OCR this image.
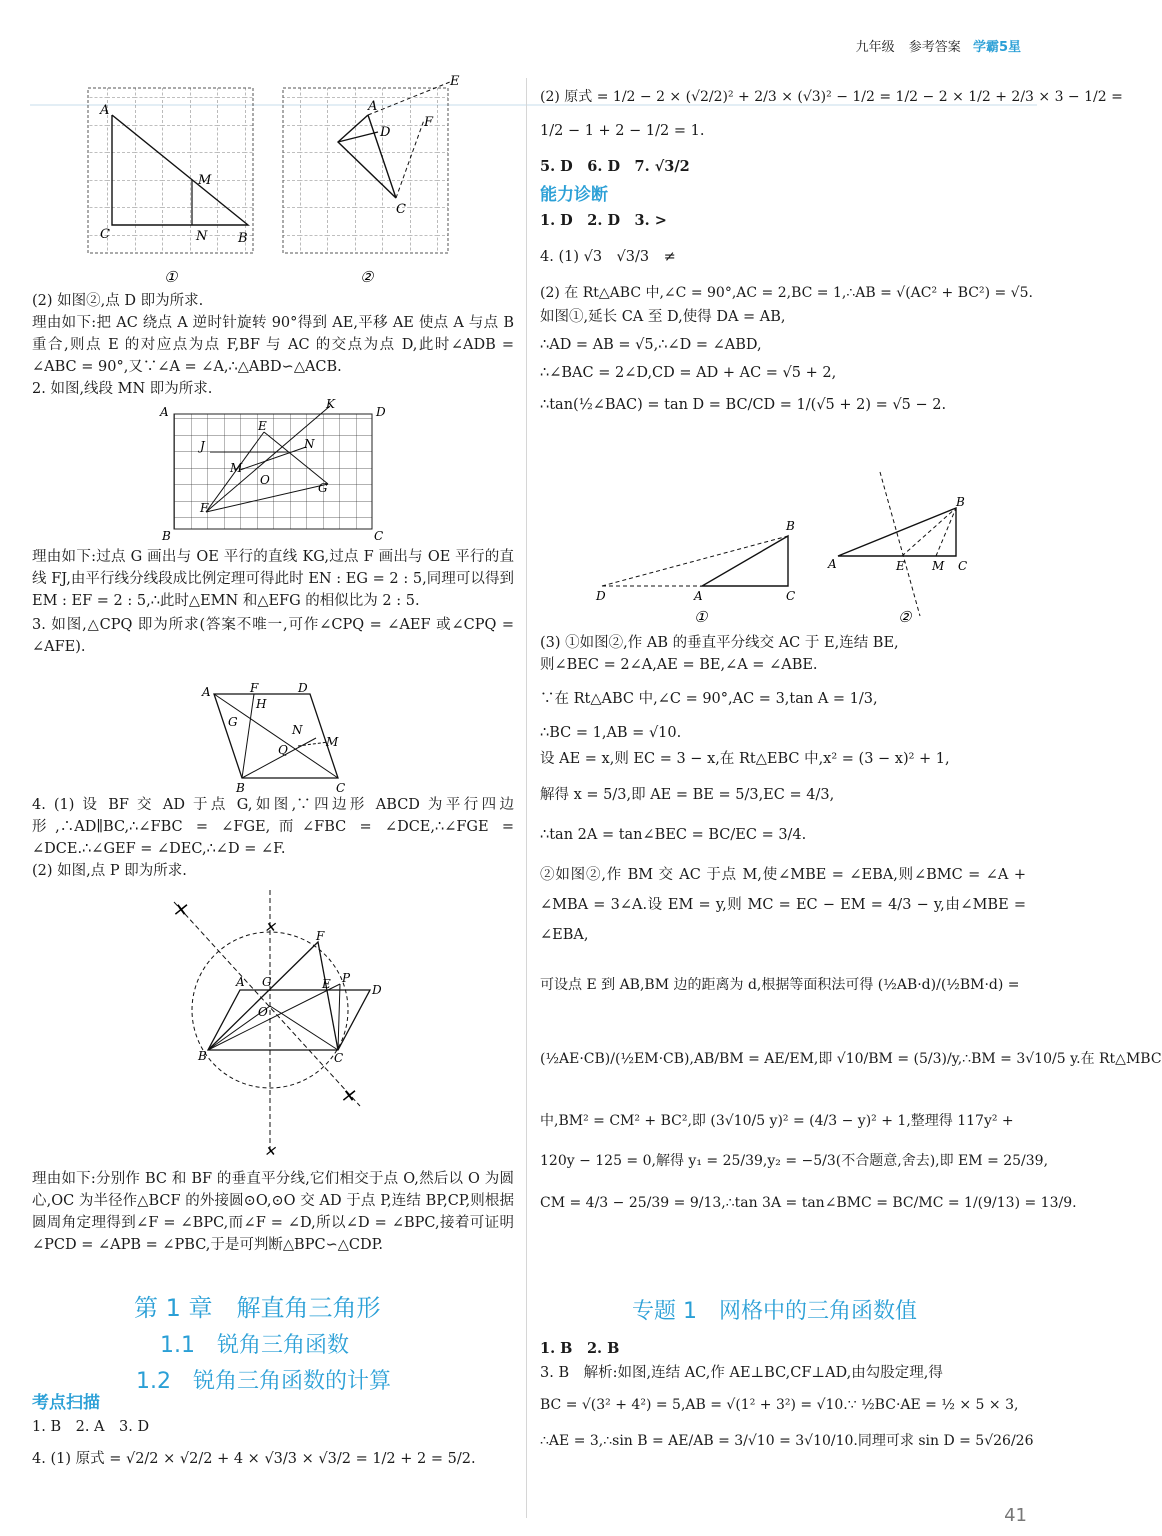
九年级 参考答案 学霸5星
A
C	N B
M
A
D
F
E
C
①	②
(2) 如图②,点 D 即为所求.
理由如下:把 AC 绕点 A 逆时针旋转 90°得到 AE,平移 AE 使点 A 与点 B 重合,则点 E 的对应点为点 F,BF 与 AC 的交点为点 D,此时∠ADB = ∠ABC = 90°,又∵∠A = ∠A,∴△ABD∽△ACB.
2. 如图,线段 MN 即为所求.
A	D
K
E
J	N
M
O
G
F
B	C
理由如下:过点 G 画出与 OE 平行的直线 KG,过点 F 画出与 OE 平行的直线 FJ,由平行线分线段成比例定理可得此时 EN : EG = 2 : 5,同理可以得到 EM : EF = 2 : 5,∴此时△EMN 和△EFG 的相似比为 2 : 5.
3. 如图,△CPQ 即为所求(答案不唯一,可作∠CPQ = ∠AEF 或∠CPQ = ∠AFE).
A	F	D
H
G
N
Q
M
B	C
4. (1) 设 BF 交 AD 于点 G,如图,∵四边形 ABCD 为平行四边形,∴AD∥BC,∴∠FBC = ∠FGE,而∠FBC = ∠DCE,∴∠FGE = ∠DCE.∴∠GEF = ∠DEC,∴∠D = ∠F.
(2) 如图,点 P 即为所求.
✕
✕
✕
✕
F
A G	E P
D
O
B	C
理由如下:分别作 BC 和 BF 的垂直平分线,它们相交于点 O,然后以 O 为圆心,OC 为半径作△BCF 的外接圆⊙O,⊙O 交 AD 于点 P,连结 BP,CP,则根据圆周角定理得到∠F = ∠BPC,而∠F = ∠D,所以∠D = ∠BPC,接着可证明∠PCD = ∠APB = ∠PBC,于是可判断△BPC∽△CDP.
第 1 章　解直角三角形
1.1　锐角三角函数
1.2　锐角三角函数的计算
考点扫描
1. B　2. A　3. D
4. (1) 原式 = √2/2 × √2/2 + 4 × √3/3 × √3/2 = 1/2 + 2 = 5/2.
(2) 原式 = 1/2 − 2 × (√2/2)² + 2/3 × (√3)² − 1/2 = 1/2 − 2 × 1/2 + 2/3 × 3 − 1/2 =
1/2 − 1 + 2 − 1/2 = 1.
5. D　6. D　7. √3/2
能力诊断
1. D　2. D　3. >
4. (1) √3　√3/3　≠
(2) 在 Rt△ABC 中,∠C = 90°,AC = 2,BC = 1,∴AB = √(AC² + BC²) = √5.
如图①,延长 CA 至 D,使得 DA = AB,
∴AD = AB = √5,∴∠D = ∠ABD,
∴∠BAC = 2∠D,CD = AD + AC = √5 + 2,
∴tan(½∠BAC) = tan D = BC/CD = 1/(√5 + 2) = √5 − 2.
B
D	A	C
A	E M C
B
①	②
(3) ①如图②,作 AB 的垂直平分线交 AC 于 E,连结 BE,
则∠BEC = 2∠A,AE = BE,∠A = ∠ABE.
∵在 Rt△ABC 中,∠C = 90°,AC = 3,tan A = 1/3,
∴BC = 1,AB = √10.
设 AE = x,则 EC = 3 − x,在 Rt△EBC 中,x² = (3 − x)² + 1,
解得 x = 5/3,即 AE = BE = 5/3,EC = 4/3,
∴tan 2A = tan∠BEC = BC/EC = 3/4.
②如图②,作 BM 交 AC 于点 M,使∠MBE = ∠EBA,则∠BMC = ∠A + ∠MBA = 3∠A.设 EM = y,则 MC = EC − EM = 4/3 − y,由∠MBE = ∠EBA,
可设点 E 到 AB,BM 边的距离为 d,根据等面积法可得 (½AB·d)/(½BM·d) =
(½AE·CB)/(½EM·CB),AB/BM = AE/EM,即 √10/BM = (5/3)/y,∴BM = 3√10/5 y.在 Rt△MBC
中,BM² = CM² + BC²,即 (3√10/5 y)² = (4/3 − y)² + 1,整理得 117y² +
120y − 125 = 0,解得 y₁ = 25/39,y₂ = −5/3(不合题意,舍去),即 EM = 25/39,
CM = 4/3 − 25/39 = 9/13,∴tan 3A = tan∠BMC = BC/MC = 1/(9/13) = 13/9.
专题 1　网格中的三角函数值
1. B　2. B
3. B　解析:如图,连结 AC,作 AE⊥BC,CF⊥AD,由勾股定理,得
BC = √(3² + 4²) = 5,AB = √(1² + 3²) = √10.∵ ½BC·AE = ½ × 5 × 3,
∴AE = 3,∴sin B = AE/AB = 3/√10 = 3√10/10.同理可求 sin D = 5√26/26
41
